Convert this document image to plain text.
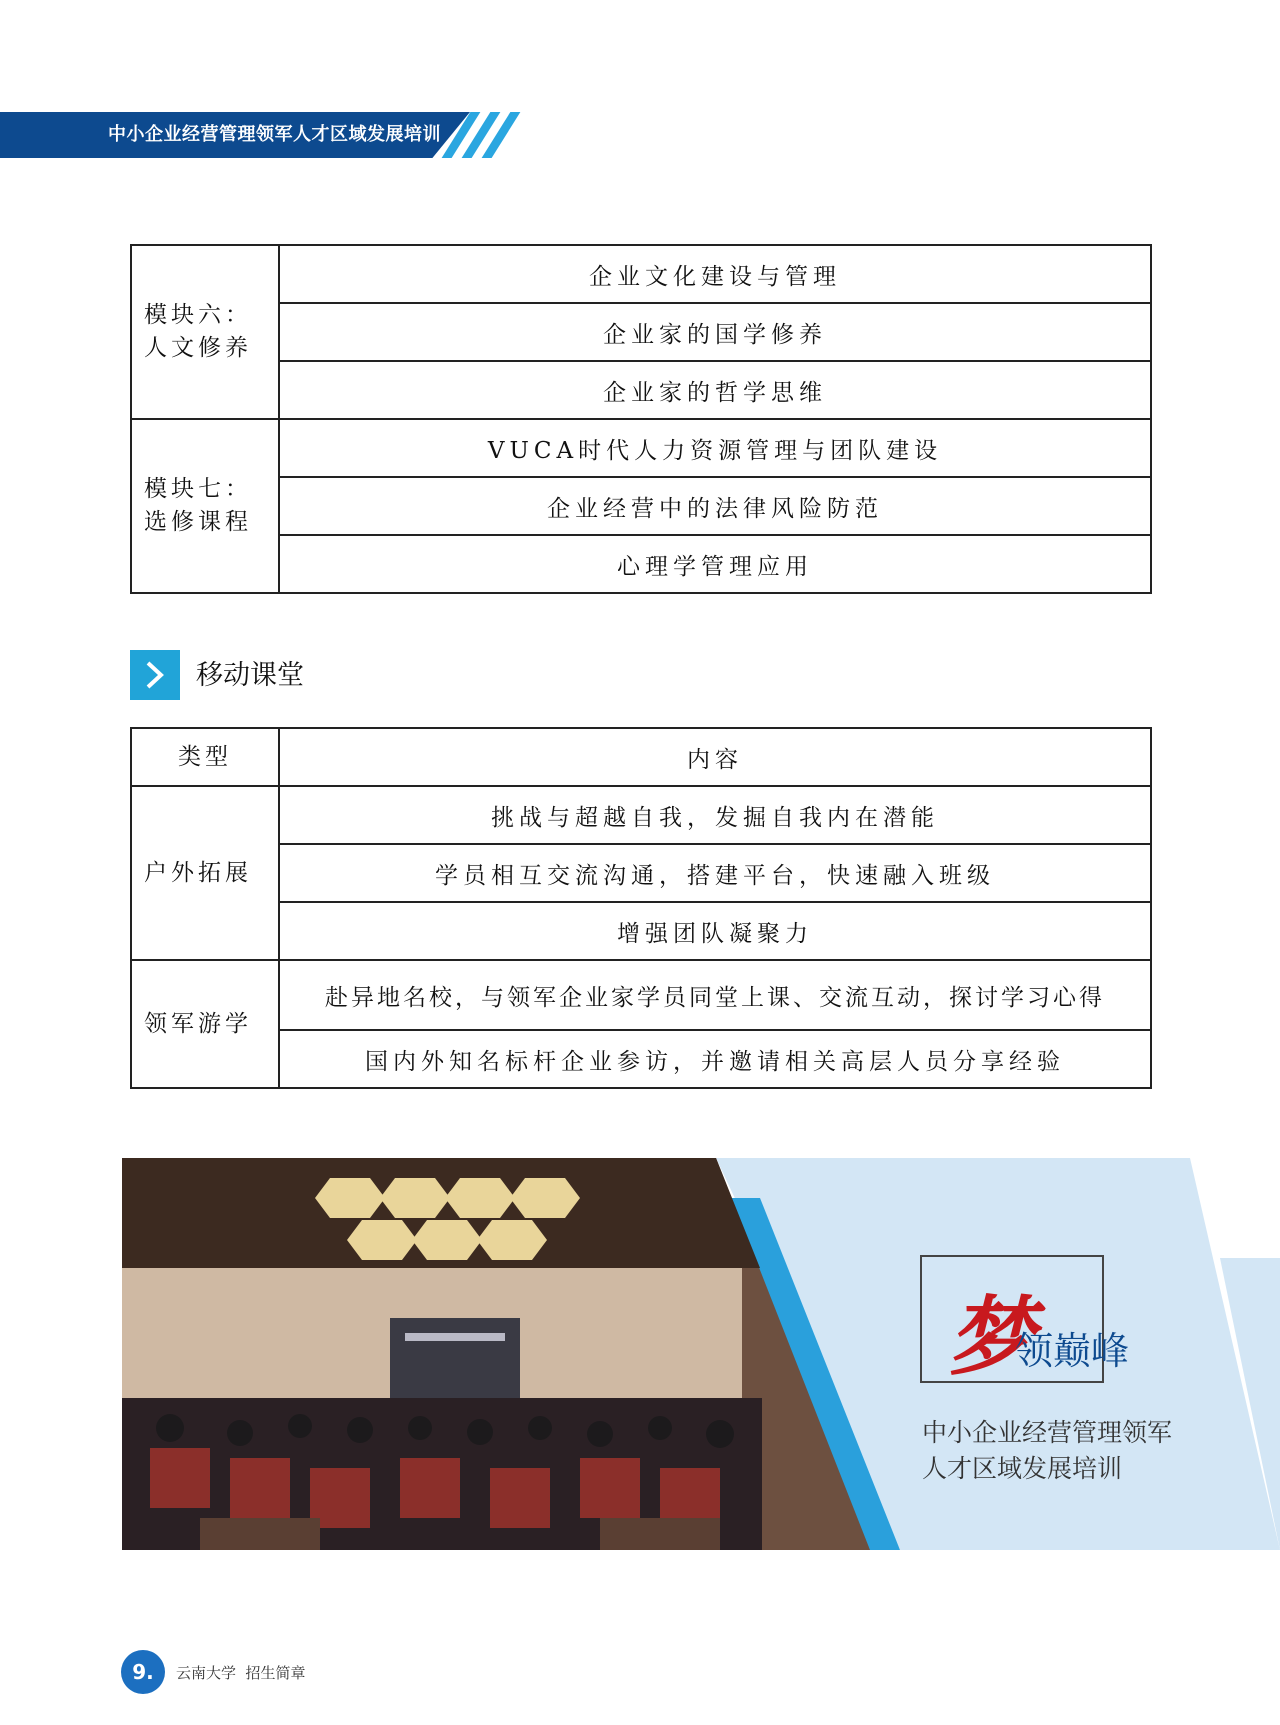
中小企业经营管理领军人才区域发展培训
模块六：
人文修养	企业文化建设与管理
	企业家的国学修养
	企业家的哲学思维
模块七：
选修课程	VUCA时代人力资源管理与团队建设
	企业经营中的法律风险防范
	心理学管理应用
移动课堂
类型	内容
户外拓展	挑战与超越自我，发掘自我内在潜能
	学员相互交流沟通，搭建平台，快速融入班级
	增强团队凝聚力
领军游学	赴异地名校，与领军企业家学员同堂上课、交流互动，探讨学习心得
	国内外知名标杆企业参访，并邀请相关高层人员分享经验
梦
领巅峰
中小企业经营管理领军
人才区域发展培训
9.	云南大学  招生简章
